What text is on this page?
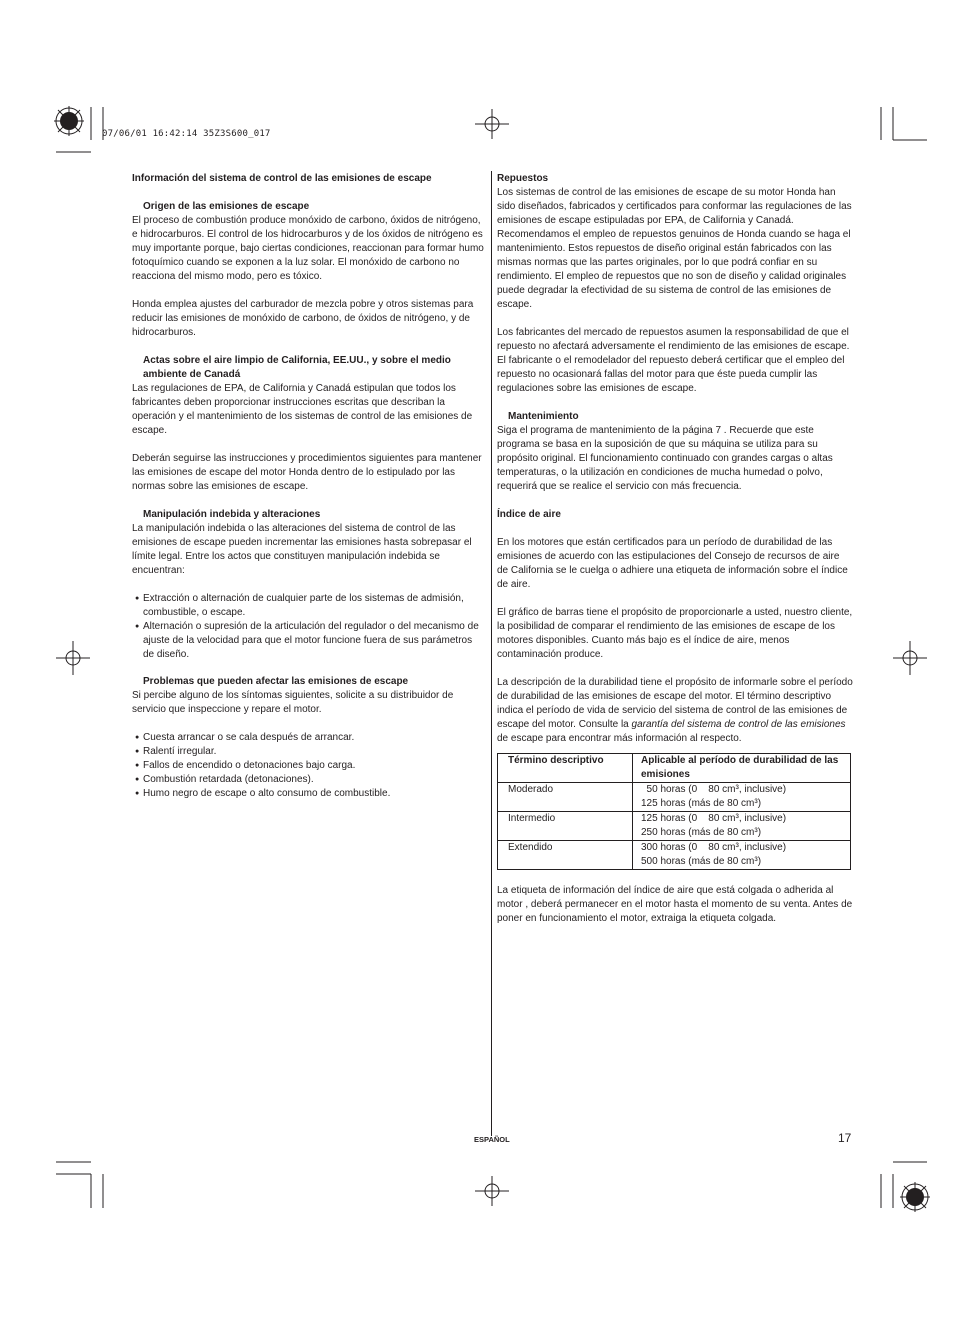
07/06/01 16:42:14 35Z3S600_017

Información del sistema de control de las emisiones de escape

Origen de las emisiones de escape

El proceso de combustión produce monóxido de carbono, óxidos de nitrógeno, e hidrocarburos. El control de los hidrocarburos y de los óxidos de nitrógeno es muy importante porque, bajo ciertas condiciones, reaccionan para formar humo fotoquímico cuando se exponen a la luz solar. El monóxido de carbono no reacciona del mismo modo, pero es tóxico.

Honda emplea ajustes del carburador de mezcla pobre y otros sistemas para reducir las emisiones de monóxido de carbono, de óxidos de nitrógeno, y de hidrocarburos.

Actas sobre el aire limpio de California, EE.UU., y sobre el medio ambiente de Canadá

Las regulaciones de EPA, de California y Canadá estipulan que todos los fabricantes deben proporcionar instrucciones escritas que describan la operación y el mantenimiento de los sistemas de control de las emisiones de escape.

Deberán seguirse las instrucciones y procedimientos siguientes para mantener las emisiones de escape del motor Honda dentro de lo estipulado por las normas sobre las emisiones de escape.

Manipulación indebida y alteraciones

La manipulación indebida o las alteraciones del sistema de control de las emisiones de escape pueden incrementar las emisiones hasta sobrepasar el límite legal. Entre los actos que constituyen manipulación indebida se encuentran:

● Extracción o alternación de cualquier parte de los sistemas de admisión, combustible, o escape.
● Alternación o supresión de la articulación del regulador o del mecanismo de ajuste de la velocidad para que el motor funcione fuera de sus parámetros de diseño.

Problemas que pueden afectar las emisiones de escape

Si percibe alguno de los síntomas siguientes, solicite a su distribuidor de servicio que inspeccione y repare el motor.

● Cuesta arrancar o se cala después de arrancar.
● Ralentí irregular.
● Fallos de encendido o detonaciones bajo carga.
● Combustión retardada (detonaciones).
● Humo negro de escape o alto consumo de combustible.

Repuestos

Los sistemas de control de las emisiones de escape de su motor Honda han sido diseñados, fabricados y certificados para conformar las regulaciones de las emisiones de escape estipuladas por EPA, de California y Canadá. Recomendamos el empleo de repuestos genuinos de Honda cuando se haga el mantenimiento. Estos repuestos de diseño original están fabricados con las mismas normas que las partes originales, por lo que podrá confiar en su rendimiento. El empleo de repuestos que no son de diseño y calidad originales puede degradar la efectividad de su sistema de control de las emisiones de escape.

Los fabricantes del mercado de repuestos asumen la responsabilidad de que el repuesto no afectará adversamente el rendimiento de las emisiones de escape. El fabricante o el remodelador del repuesto deberá certificar que el empleo del repuesto no ocasionará fallas del motor para que éste pueda cumplir las regulaciones sobre las emisiones de escape.

Mantenimiento

Siga el programa de mantenimiento de la página 7 . Recuerde que este programa se basa en la suposición de que su máquina se utiliza para su propósito original. El funcionamiento continuado con grandes cargas o altas temperaturas, o la utilización en condiciones de mucha humedad o polvo, requerirá que se realice el servicio con más frecuencia.

Índice de aire

En los motores que están certificados para un período de durabilidad de las emisiones de acuerdo con las estipulaciones del Consejo de recursos de aire de California se le cuelga o adhiere una etiqueta de información sobre el índice de aire.

El gráfico de barras tiene el propósito de proporcionarle a usted, nuestro cliente, la posibilidad de comparar el rendimiento de las emisiones de escape de los motores disponibles. Cuanto más bajo es el índice de aire, menos contaminación produce.

La descripción de la durabilidad tiene el propósito de informarle sobre el período de durabilidad de las emisiones de escape del motor. El término descriptivo indica el período de vida de servicio del sistema de control de las emisiones de escape del motor. Consulte la garantía del sistema de control de las emisiones de escape para encontrar más información al respecto.

Término descriptivo	Aplicable al período de durabilidad de las emisiones
Moderado	50 horas (0    80 cm³, inclusive)
125 horas (más de 80 cm³)

Intermedio	125 horas (0    80 cm³, inclusive)
250 horas (más de 80 cm³)

Extendido	300 horas (0    80 cm³, inclusive)
500 horas (más de 80 cm³)

La etiqueta de información del índice de aire que está colgada o adherida al motor , deberá permanecer en el motor hasta el momento de su venta. Antes de poner en funcionamiento el motor, extraiga la etiqueta colgada.

ESPAÑOL	17
